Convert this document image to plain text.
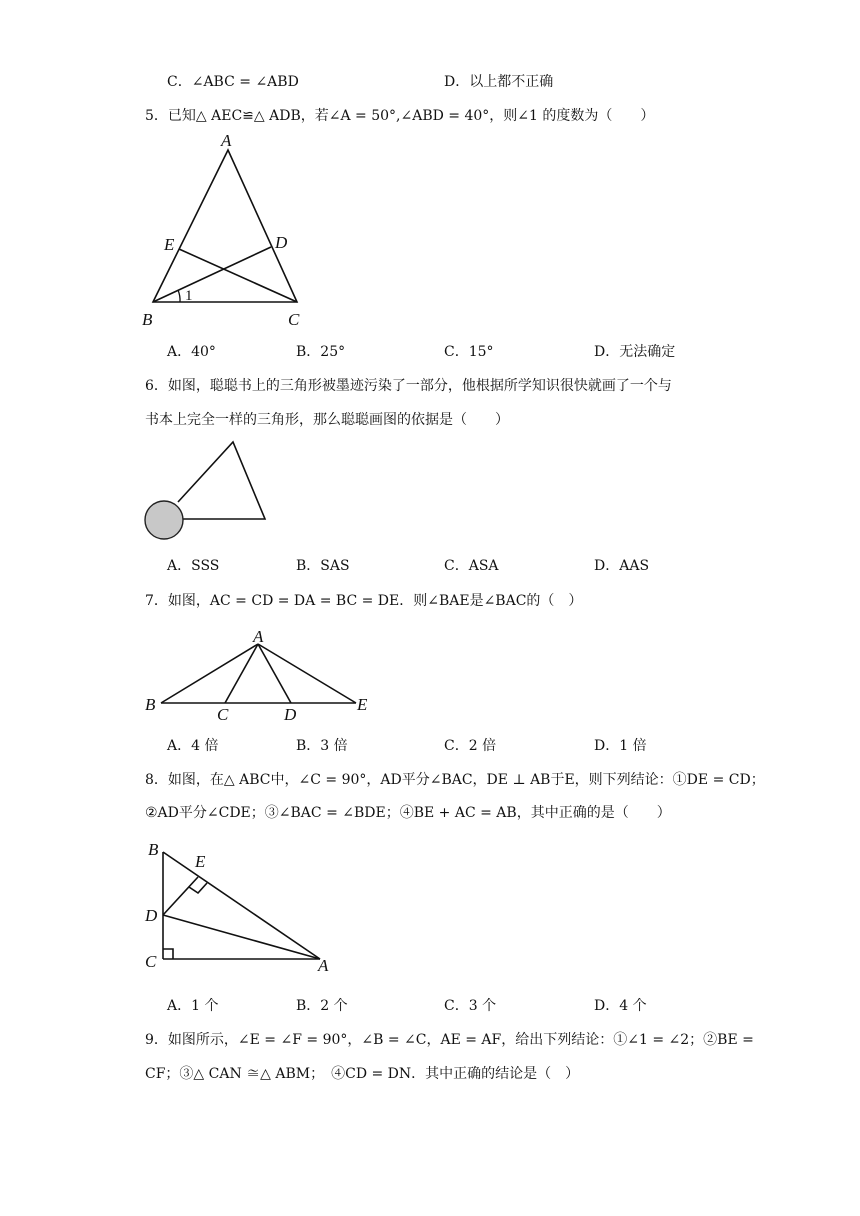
C．∠ABC = ∠ABD	D．以上都不正确
5．已知△ AEC≌△ ADB，若∠A = 50°,∠ABD = 40°，则∠1 的度数为（　　）
A
B	C
D
E
1
A．40°	B．25°	C．15°	D．无法确定
6．如图，聪聪书上的三角形被墨迹污染了一部分，他根据所学知识很快就画了一个与
书本上完全一样的三角形，那么聪聪画图的依据是（　　）
A．SSS	B．SAS	C．ASA	D．AAS
7．如图，AC = CD = DA = BC = DE．则∠BAE是∠BAC的（　）
A
B
C	D
E
A．4 倍	B．3 倍	C．2 倍	D．1 倍
8．如图，在△ ABC中，∠C = 90°，AD平分∠BAC，DE ⊥ AB于E，则下列结论：①DE = CD；
②AD平分∠CDE；③∠BAC = ∠BDE；④BE + AC = AB，其中正确的是（　　）
B
E
D
C	A
A．1 个	B．2 个	C．3 个	D．4 个
9．如图所示，∠E = ∠F = 90°，∠B = ∠C，AE = AF，给出下列结论：①∠1 = ∠2；②BE =
CF；③△ CAN ≅△ ABM；　④CD = DN．其中正确的结论是（　）
